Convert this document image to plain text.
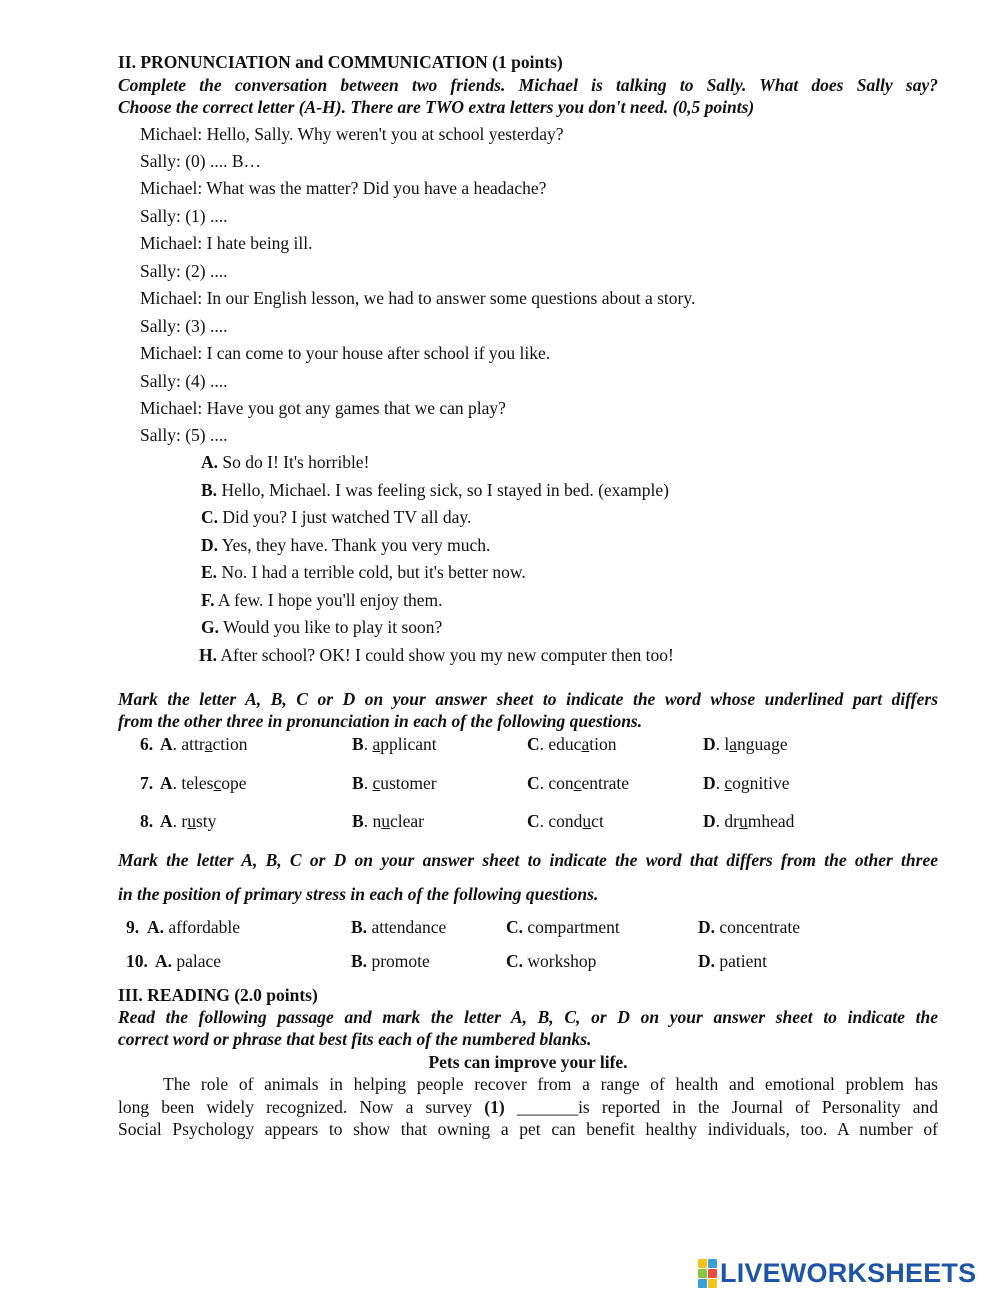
II. PRONUNCIATION and COMMUNICATION (1 points)
Complete the conversation between two friends. Michael is talking to Sally. What does Sally say?
Choose the correct letter (A-H). There are TWO extra letters you don't need. (0,5 points)
Michael: Hello, Sally. Why weren't you at school yesterday?
Sally: (0) .... B…
Michael: What was the matter? Did you have a headache?
Sally: (1) ....
Michael: I hate being ill.
Sally: (2) ....
Michael: In our English lesson, we had to answer some questions about a story.
Sally: (3) ....
Michael: I can come to your house after school if you like.
Sally: (4) ....
Michael: Have you got any games that we can play?
Sally: (5) ....
A. So do I! It's horrible!
B. Hello, Michael. I was feeling sick, so I stayed in bed. (example)
C. Did you? I just watched TV all day.
D. Yes, they have. Thank you very much.
E. No. I had a terrible cold, but it's better now.
F. A few. I hope you'll enjoy them.
G. Would you like to play it soon?
H. After school? OK! I could show you my new computer then too!
Mark the letter A, B, C or D on your answer sheet to indicate the word whose underlined part differs
from the other three in pronunciation in each of the following questions.
6. A. attraction	B. applicant	C. education	D. language
7. A. telescope	B. customer	C. concentrate	D. cognitive
8. A. rusty	B. nuclear	C. conduct	D. drumhead
Mark the letter A, B, C or D on your answer sheet to indicate the word that differs from the other three
in the position of primary stress in each of the following questions.
9. A. affordable	B. attendance	C. compartment	D. concentrate
10. A. palace	B. promote	C. workshop	D. patient
III. READING (2.0 points)
Read the following passage and mark the letter A, B, C, or D on your answer sheet to indicate the
correct word or phrase that best fits each of the numbered blanks.
Pets can improve your life.
The role of animals in helping people recover from a range of health and emotional problem has
long been widely recognized. Now a survey (1) _______is reported in the Journal of Personality and
Social Psychology appears to show that owning a pet can benefit healthy individuals, too. A number of
LIVEWORKSHEETS
